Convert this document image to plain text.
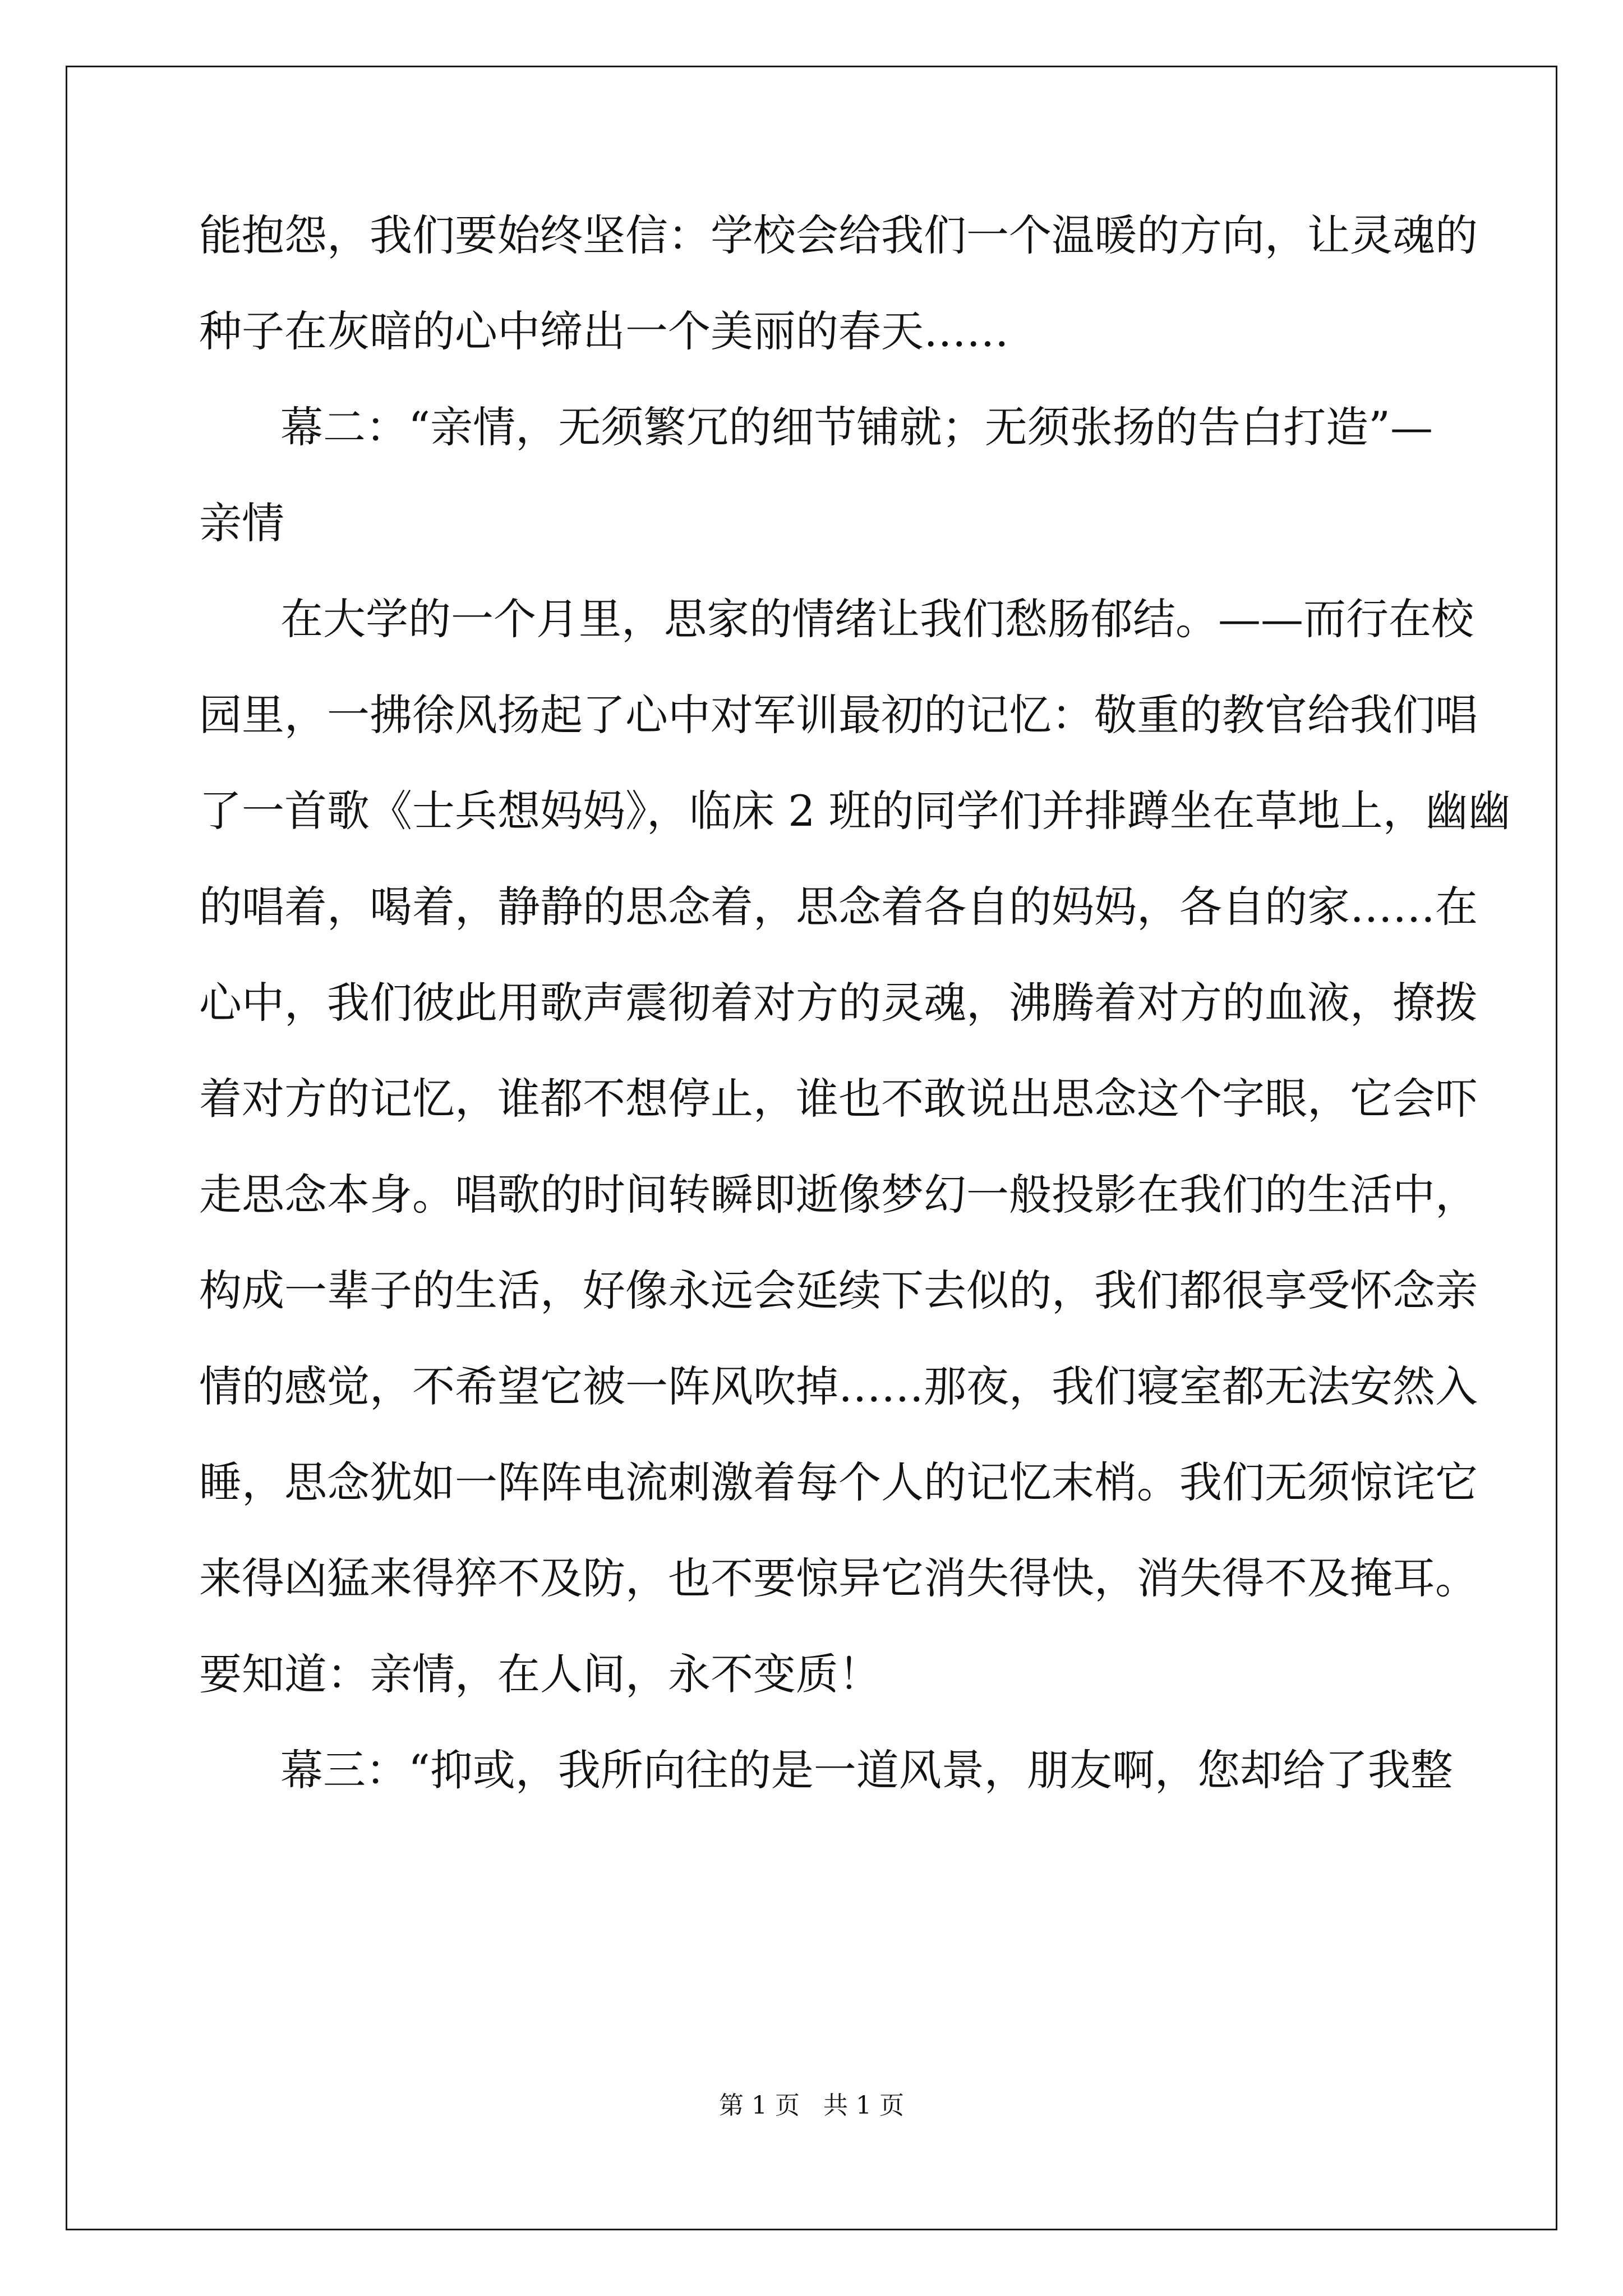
能抱怨，我们要始终坚信：学校会给我们一个温暖的方向，让灵魂的
种子在灰暗的心中缔出一个美丽的春天……
幕二：“亲情，无须繁冗的细节铺就；无须张扬的告白打造”—
亲情
在大学的一个月里，思家的情绪让我们愁肠郁结。——而行在校
园里，一拂徐风扬起了心中对军训最初的记忆：敬重的教官给我们唱
了一首歌《士兵想妈妈》，临床 2 班的同学们并排蹲坐在草地上，幽幽
的唱着，喝着，静静的思念着，思念着各自的妈妈，各自的家……在
心中，我们彼此用歌声震彻着对方的灵魂，沸腾着对方的血液，撩拨
着对方的记忆，谁都不想停止，谁也不敢说出思念这个字眼，它会吓
走思念本身。唱歌的时间转瞬即逝像梦幻一般投影在我们的生活中，
构成一辈子的生活，好像永远会延续下去似的，我们都很享受怀念亲
情的感觉，不希望它被一阵风吹掉……那夜，我们寝室都无法安然入
睡，思念犹如一阵阵电流刺激着每个人的记忆末梢。我们无须惊诧它
来得凶猛来得猝不及防，也不要惊异它消失得快，消失得不及掩耳。
要知道：亲情，在人间，永不变质！
幕三：“抑或，我所向往的是一道风景，朋友啊，您却给了我整
第 1 页   共 1 页
